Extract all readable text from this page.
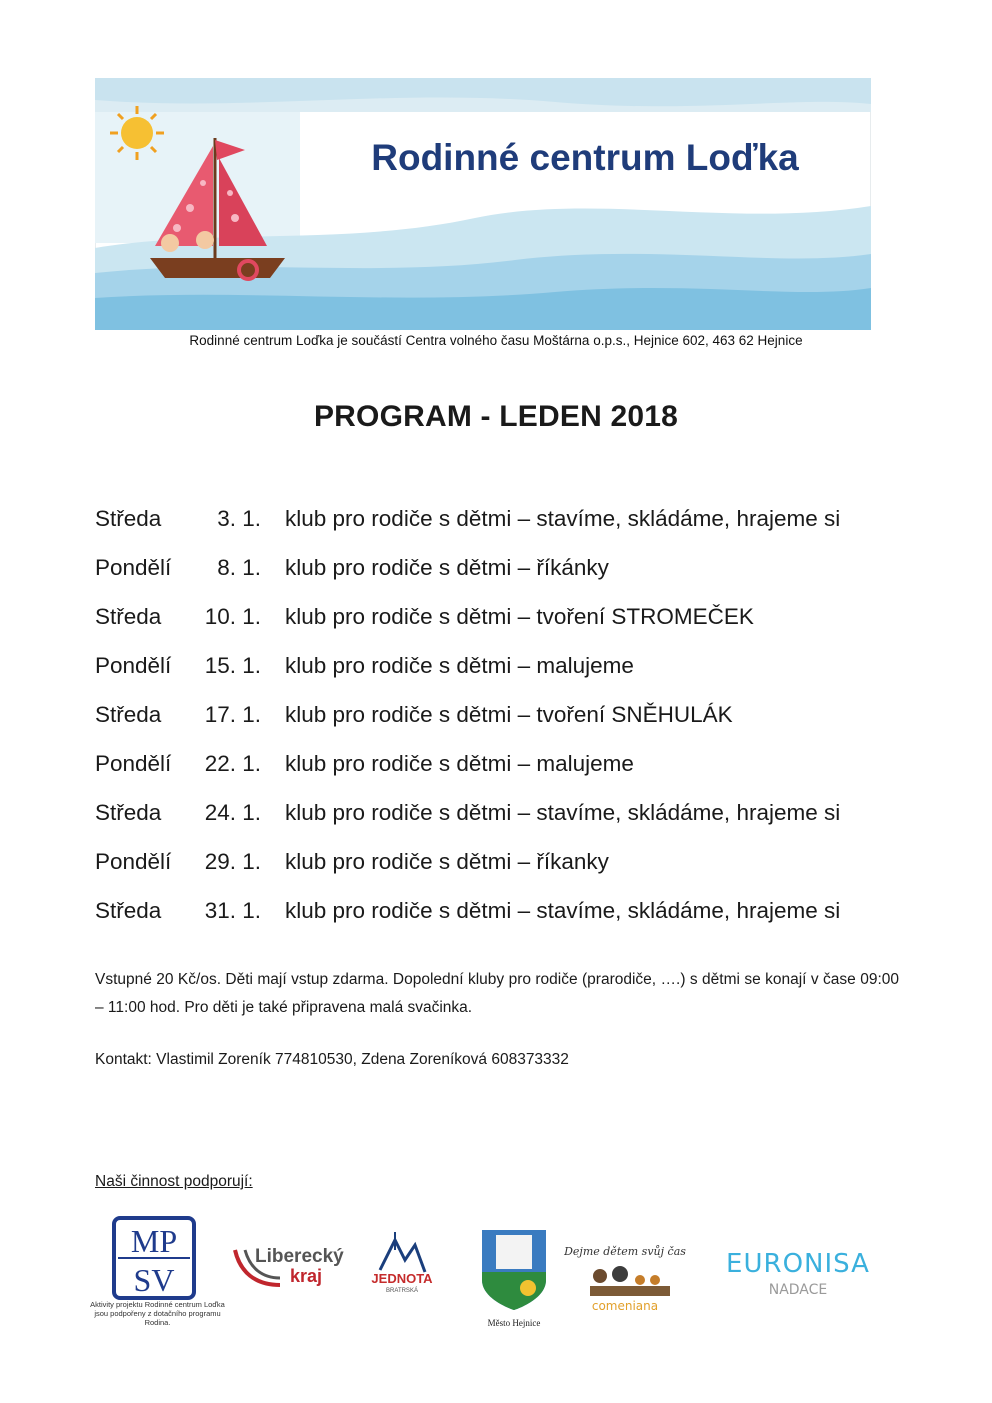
Rodinné centrum Loďka
Rodinné centrum Loďka je součástí Centra volného času Moštárna o.p.s., Hejnice 602, 463 62 Hejnice
PROGRAM - LEDEN 2018
Středa	3. 1. klub pro rodiče s dětmi – stavíme, skládáme, hrajeme si
Pondělí	8. 1. klub pro rodiče s dětmi – říkánky
Středa	10. 1. klub pro rodiče s dětmi – tvoření STROMEČEK
Pondělí	15. 1. klub pro rodiče s dětmi – malujeme
Středa	17. 1. klub pro rodiče s dětmi – tvoření SNĚHULÁK
Pondělí	22. 1. klub pro rodiče s dětmi – malujeme
Středa	24. 1. klub pro rodiče s dětmi – stavíme, skládáme, hrajeme si
Pondělí	29. 1. klub pro rodiče s dětmi – říkanky
Středa	31. 1. klub pro rodiče s dětmi – stavíme, skládáme, hrajeme si
Vstupné 20 Kč/os. Děti mají vstup zdarma. Dopolední kluby pro rodiče (prarodiče, ….) s dětmi se konají v čase 09:00 – 11:00 hod. Pro děti je také připravena malá svačinka.
Kontakt: Vlastimil Zoreník 774810530, Zdena Zoreníková 608373332
Naši činnost podporují:
MP
SV
Liberecký
kraj	JEDNOTA
BRATRSKÁ
Město Hejnice
Dejme dětem svůj čas
comeniana
EURONISA
NADACE
Aktivity projektu Rodinné centrum Loďka jsou podpořeny z dotačního programu Rodina.
